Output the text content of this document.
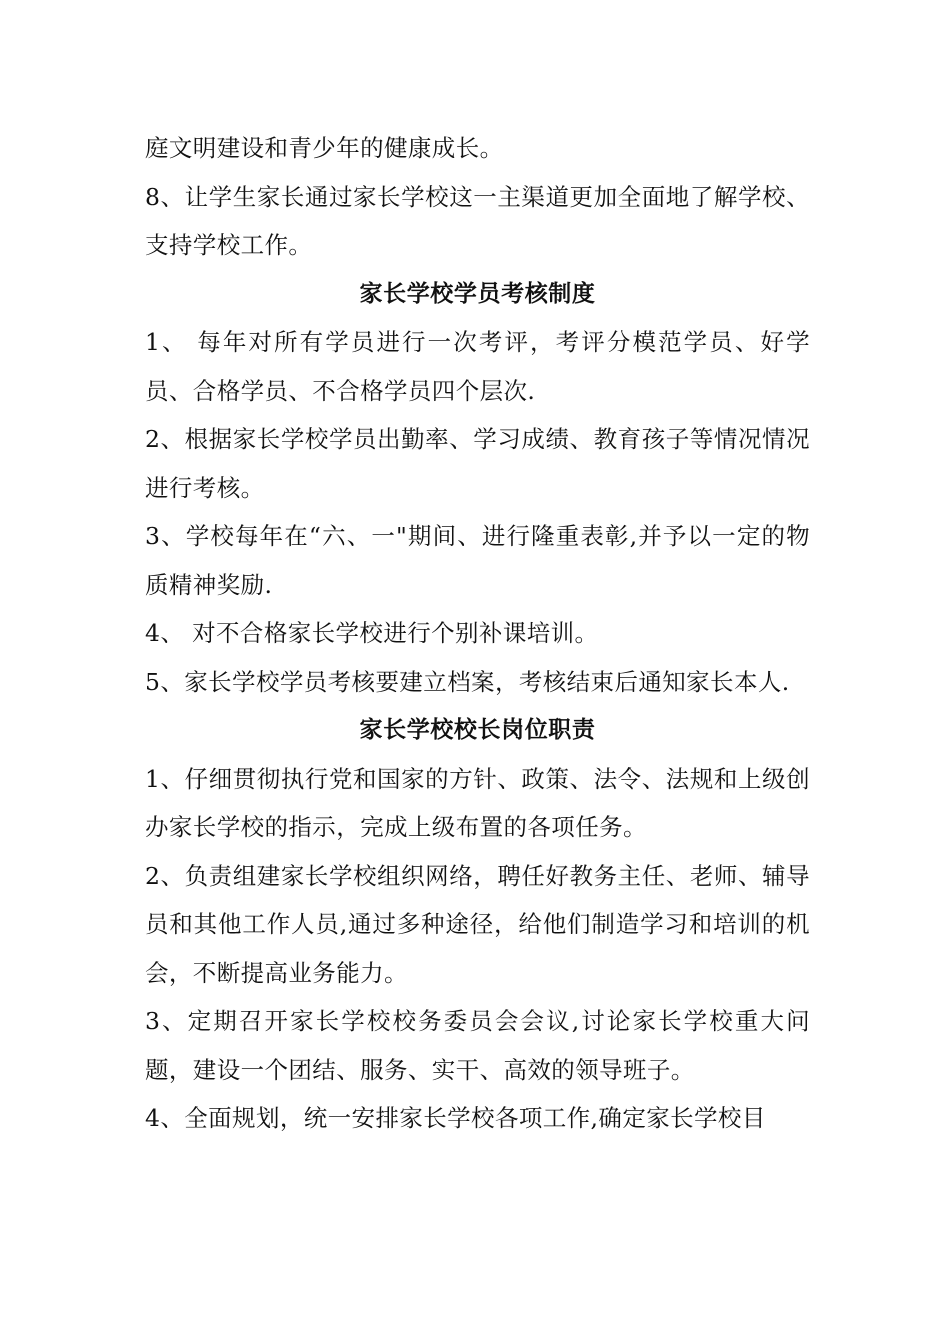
庭文明建设和青少年的健康成长。

8、让学生家长通过家长学校这一主渠道更加全面地了解学校、支持学校工作。

家长学校学员考核制度

1、 每年对所有学员进行一次考评，考评分模范学员、好学员、合格学员、不合格学员四个层次.

2、根据家长学校学员出勤率、学习成绩、教育孩子等情况情况进行考核。

3、学校每年在“六、一"期间、进行隆重表彰,并予以一定的物质精神奖励.

4、 对不合格家长学校进行个别补课培训。

5、家长学校学员考核要建立档案，考核结束后通知家长本人.

家长学校校长岗位职责

1、仔细贯彻执行党和国家的方针、政策、法令、法规和上级创办家长学校的指示，完成上级布置的各项任务。

2、负责组建家长学校组织网络，聘任好教务主任、老师、辅导员和其他工作人员,通过多种途径，给他们制造学习和培训的机会，不断提高业务能力。

3、定期召开家长学校校务委员会会议,讨论家长学校重大问题，建设一个团结、服务、实干、高效的领导班子。

4、全面规划，统一安排家长学校各项工作,确定家长学校目
